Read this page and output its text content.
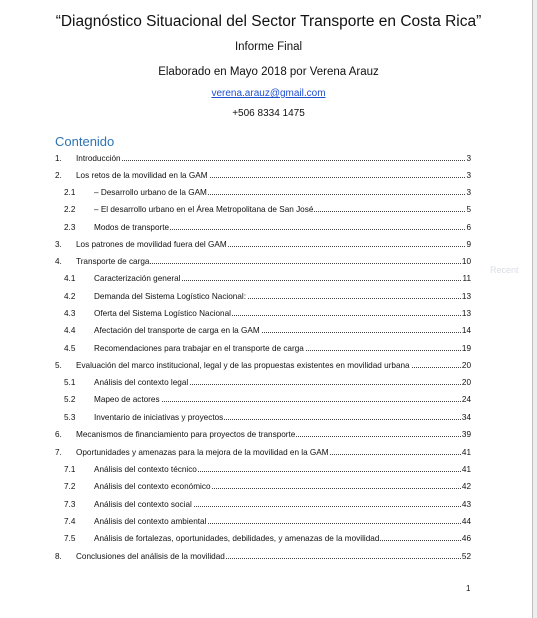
“Diagnóstico Situacional del Sector Transporte en Costa Rica”
Informe Final
Elaborado en Mayo 2018 por Verena Arauz
verena.arauz@gmail.com
+506 8334 1475
Contenido
Recent
1. Introducción	3
2. Los retos de la movilidad en la GAM	3
2.1 – Desarrollo urbano de la GAM	3
2.2 – El desarrollo urbano en el Área Metropolitana de San José	5
2.3 Modos de transporte	6
3. Los patrones de movilidad fuera del GAM	9
4. Transporte de carga	10
4.1 Caracterización general	11
4.2 Demanda del Sistema Logístico Nacional:	13
4.3 Oferta del Sistema Logístico Nacional	13
4.4 Afectación del transporte de carga en la GAM	14
4.5 Recomendaciones para trabajar en el transporte de carga	19
5. Evaluación del marco institucional, legal y de las propuestas existentes en movilidad urbana	20
5.1 Análisis del contexto legal	20
5.2 Mapeo de actores	24
5.3 Inventario de iniciativas y proyectos	34
6. Mecanismos de financiamiento para proyectos de transporte	39
7. Oportunidades y amenazas para la mejora de la movilidad en la GAM	41
7.1 Análisis del contexto técnico	41
7.2 Análisis del contexto económico	42
7.3 Análisis del contexto social	43
7.4 Análisis del contexto ambiental	44
7.5 Análisis de fortalezas, oportunidades, debilidades, y amenazas de la movilidad	46
8. Conclusiones del análisis de la movilidad	52
1
